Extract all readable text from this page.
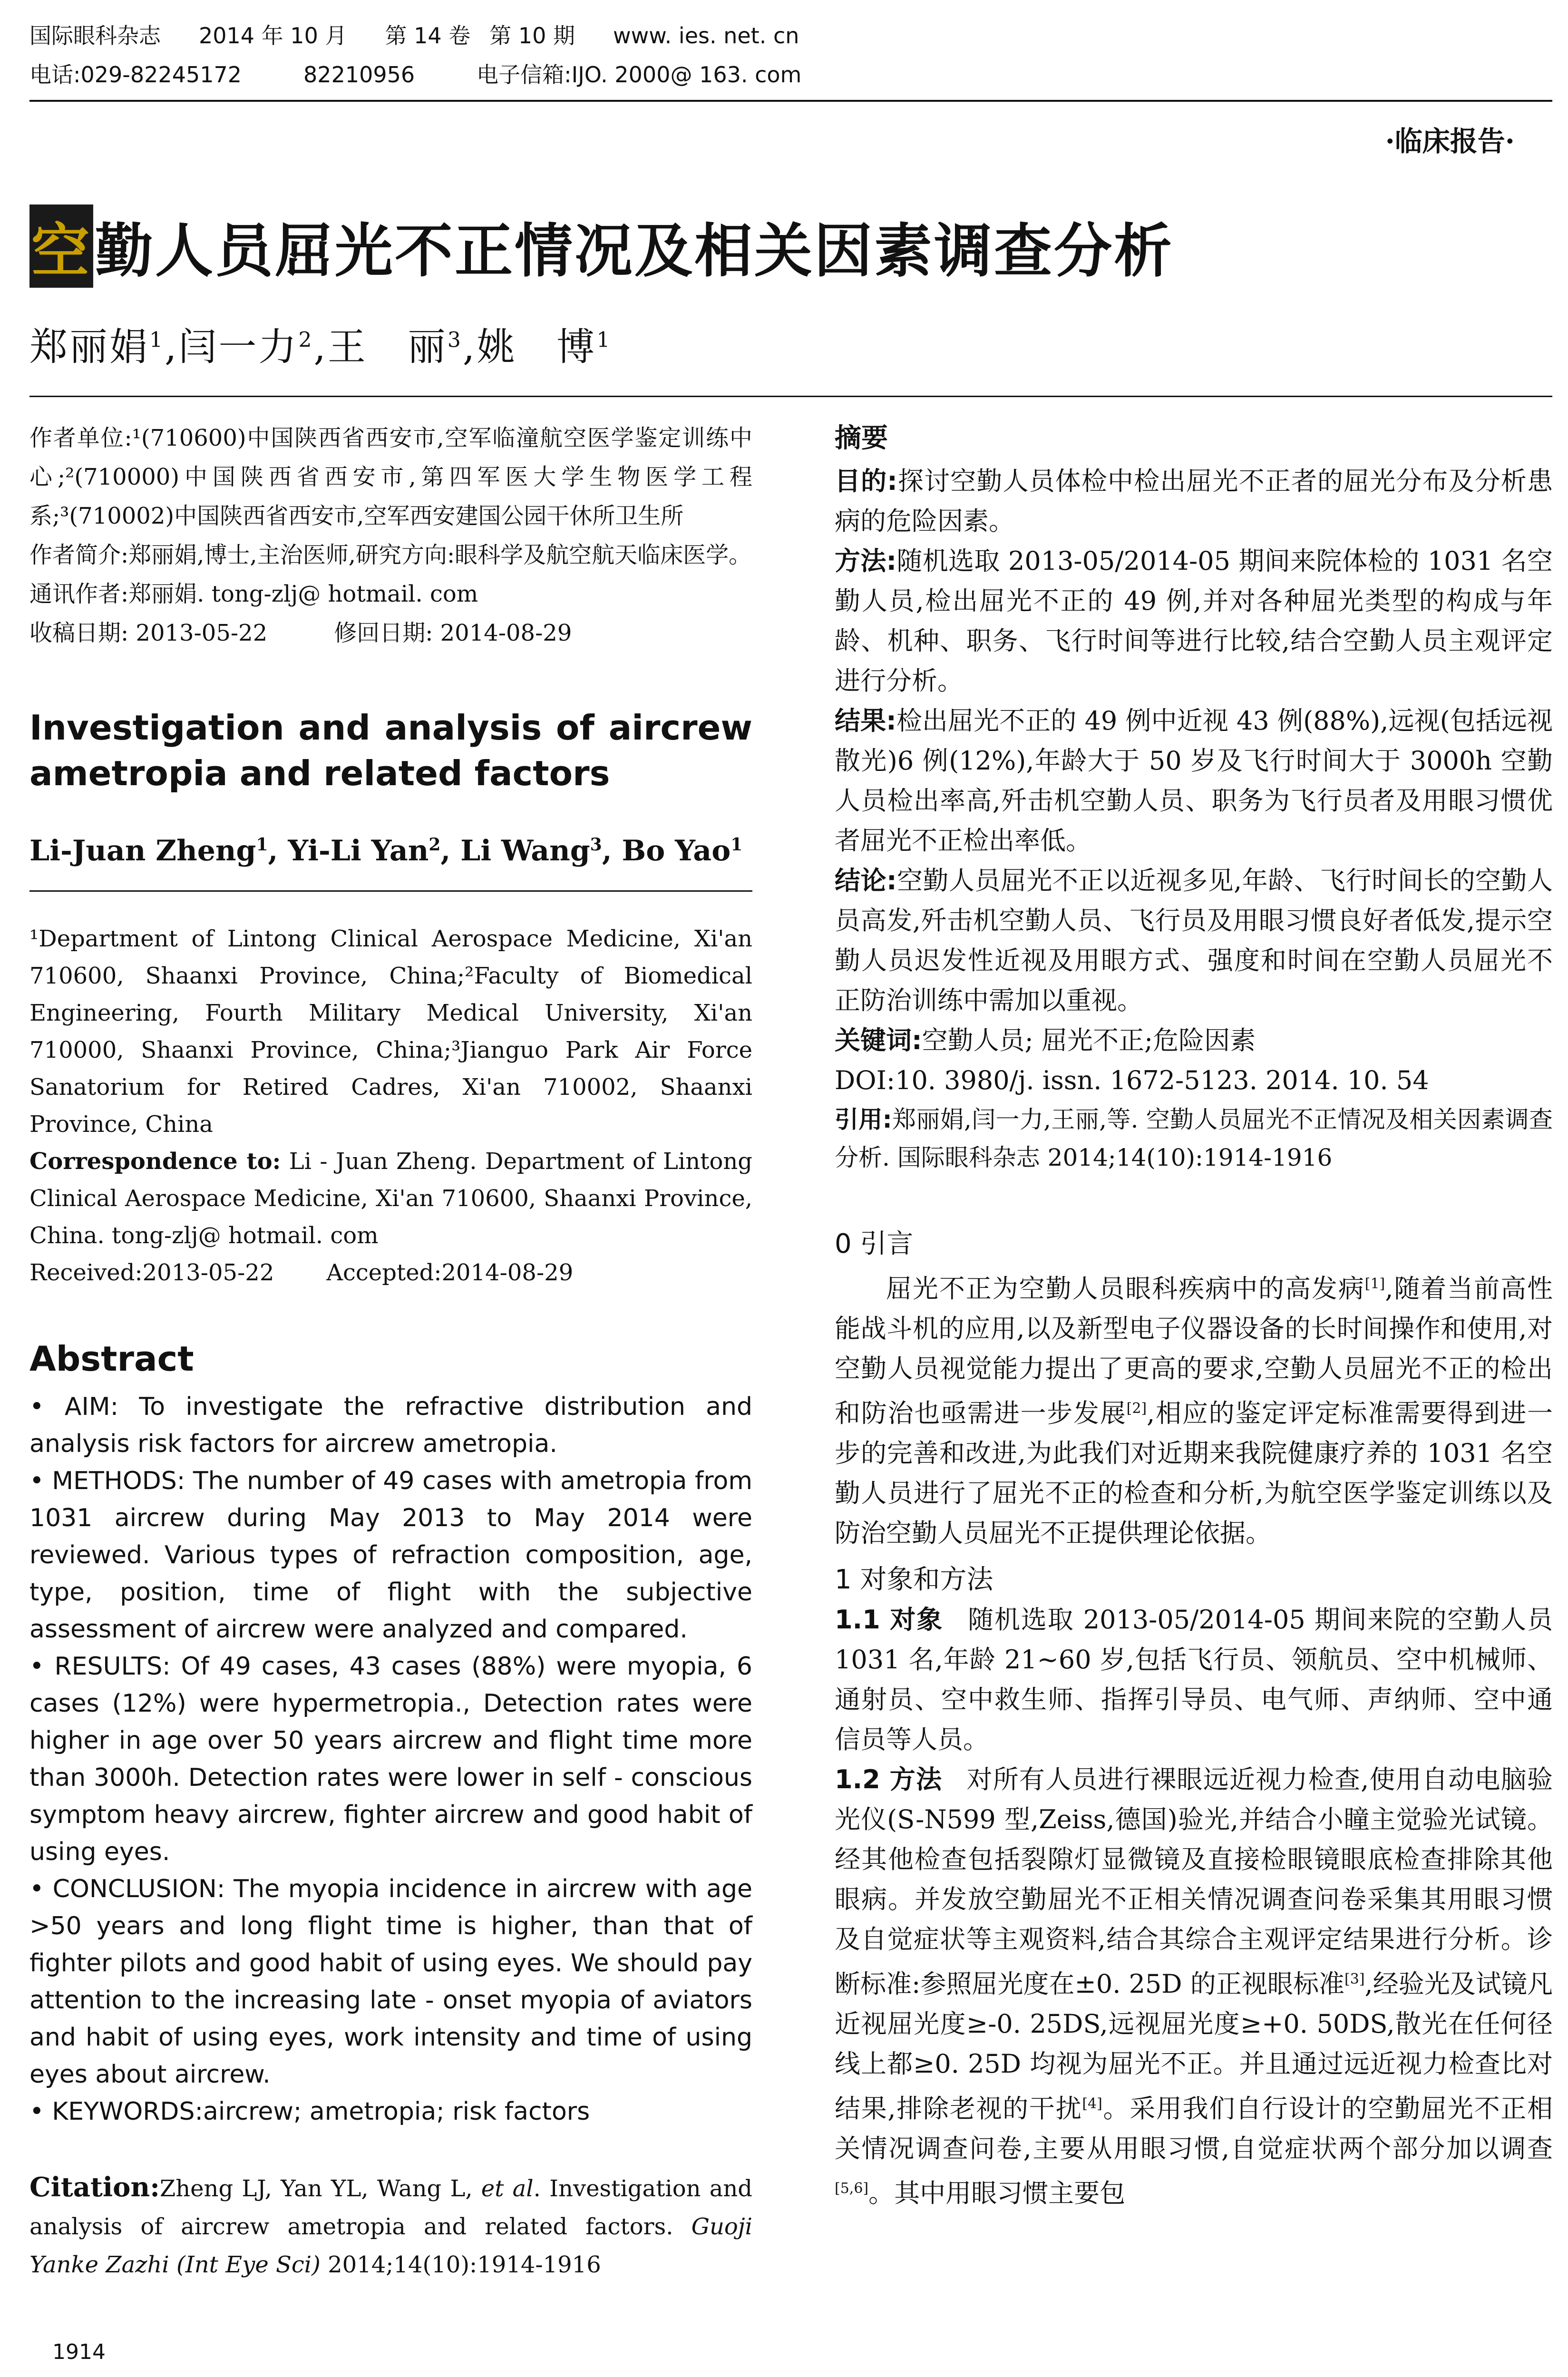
国际眼科杂志 2014 年 10 月 第 14 卷 第 10 期 www. ies. net. cn
电话:029-82245172	82210956	电子信箱:IJO. 2000@ 163. com
·临床报告·
空 勤人员屈光不正情况及相关因素调查分析
郑丽娟$^1$,闫一力$^2$,王　丽$^3$,姚　博$^1$

作者单位:¹(710600)中国陕西省西安市,空军临潼航空医学鉴定训练中心;²(710000)中国陕西省西安市,第四军医大学生物医学工程系;³(710002)中国陕西省西安市,空军西安建国公园干休所卫生所

作者简介:郑丽娟,博士,主治医师,研究方向:眼科学及航空航天临床医学。

通讯作者:郑丽娟. tong-zlj@ hotmail. com

收稿日期: 2013-05-22	修回日期: 2014-08-29

Investigation and analysis of aircrew ametropia and related factors
Li-Juan Zheng$^1$, Yi-Li Yan$^2$, Li Wang$^3$, Bo Yao$^1$

¹Department of Lintong Clinical Aerospace Medicine, Xi'an 710600, Shaanxi Province, China;²Faculty of Biomedical Engineering, Fourth Military Medical University, Xi'an 710000, Shaanxi Province, China;³Jianguo Park Air Force Sanatorium for Retired Cadres, Xi'an 710002, Shaanxi Province, China

Correspondence to: Li - Juan Zheng. Department of Lintong Clinical Aerospace Medicine, Xi'an 710600, Shaanxi Province, China. tong-zlj@ hotmail. com

Received:2013-05-22 Accepted:2014-08-29

Abstract

• AIM: To investigate the refractive distribution and analysis risk factors for aircrew ametropia.

• METHODS: The number of 49 cases with ametropia from 1031 aircrew during May 2013 to May 2014 were reviewed. Various types of refraction composition, age, type, position, time of flight with the subjective assessment of aircrew were analyzed and compared.

• RESULTS: Of 49 cases, 43 cases (88%) were myopia, 6 cases (12%) were hypermetropia., Detection rates were higher in age over 50 years aircrew and flight time more than 3000h. Detection rates were lower in self - conscious symptom heavy aircrew, fighter aircrew and good habit of using eyes.

• CONCLUSION: The myopia incidence in aircrew with age >50 years and long flight time is higher, than that of fighter pilots and good habit of using eyes. We should pay attention to the increasing late - onset myopia of aviators and habit of using eyes, work intensity and time of using eyes about aircrew.

• KEYWORDS:aircrew; ametropia; risk factors

Citation:Zheng LJ, Yan YL, Wang L, et al. Investigation and analysis of aircrew ametropia and related factors. Guoji Yanke Zazhi (Int Eye Sci) 2014;14(10):1914-1916
1914
摘要

目的:探讨空勤人员体检中检出屈光不正者的屈光分布及分析患病的危险因素。

方法:随机选取 2013-05/2014-05 期间来院体检的 1031 名空勤人员,检出屈光不正的 49 例,并对各种屈光类型的构成与年龄、机种、职务、飞行时间等进行比较,结合空勤人员主观评定进行分析。

结果:检出屈光不正的 49 例中近视 43 例(88%),远视(包括远视散光)6 例(12%),年龄大于 50 岁及飞行时间大于 3000h 空勤人员检出率高,歼击机空勤人员、职务为飞行员者及用眼习惯优者屈光不正检出率低。

结论:空勤人员屈光不正以近视多见,年龄、飞行时间长的空勤人员高发,歼击机空勤人员、飞行员及用眼习惯良好者低发,提示空勤人员迟发性近视及用眼方式、强度和时间在空勤人员屈光不正防治训练中需加以重视。

关键词:空勤人员; 屈光不正;危险因素

DOI:10. 3980/j. issn. 1672-5123. 2014. 10. 54

引用:郑丽娟,闫一力,王丽,等. 空勤人员屈光不正情况及相关因素调查分析. 国际眼科杂志 2014;14(10):1914-1916

0 引言

屈光不正为空勤人员眼科疾病中的高发病[1],随着当前高性能战斗机的应用,以及新型电子仪器设备的长时间操作和使用,对空勤人员视觉能力提出了更高的要求,空勤人员屈光不正的检出和防治也亟需进一步发展[2],相应的鉴定评定标准需要得到进一步的完善和改进,为此我们对近期来我院健康疗养的 1031 名空勤人员进行了屈光不正的检查和分析,为航空医学鉴定训练以及防治空勤人员屈光不正提供理论依据。

1 对象和方法

1.1 对象 随机选取 2013-05/2014-05 期间来院的空勤人员 1031 名,年龄 21~60 岁,包括飞行员、领航员、空中机械师、通射员、空中救生师、指挥引导员、电气师、声纳师、空中通信员等人员。

1.2 方法 对所有人员进行裸眼远近视力检查,使用自动电脑验光仪(S-N599 型,Zeiss,德国)验光,并结合小瞳主觉验光试镜。经其他检查包括裂隙灯显微镜及直接检眼镜眼底检查排除其他眼病。并发放空勤屈光不正相关情况调查问卷采集其用眼习惯及自觉症状等主观资料,结合其综合主观评定结果进行分析。诊断标准:参照屈光度在±0. 25D 的正视眼标准[3],经验光及试镜凡近视屈光度≥-0. 25DS,远视屈光度≥+0. 50DS,散光在任何径线上都≥0. 25D 均视为屈光不正。并且通过远近视力检查比对结果,排除老视的干扰[4]。采用我们自行设计的空勤屈光不正相关情况调查问卷,主要从用眼习惯,自觉症状两个部分加以调查[5,6]。其中用眼习惯主要包
